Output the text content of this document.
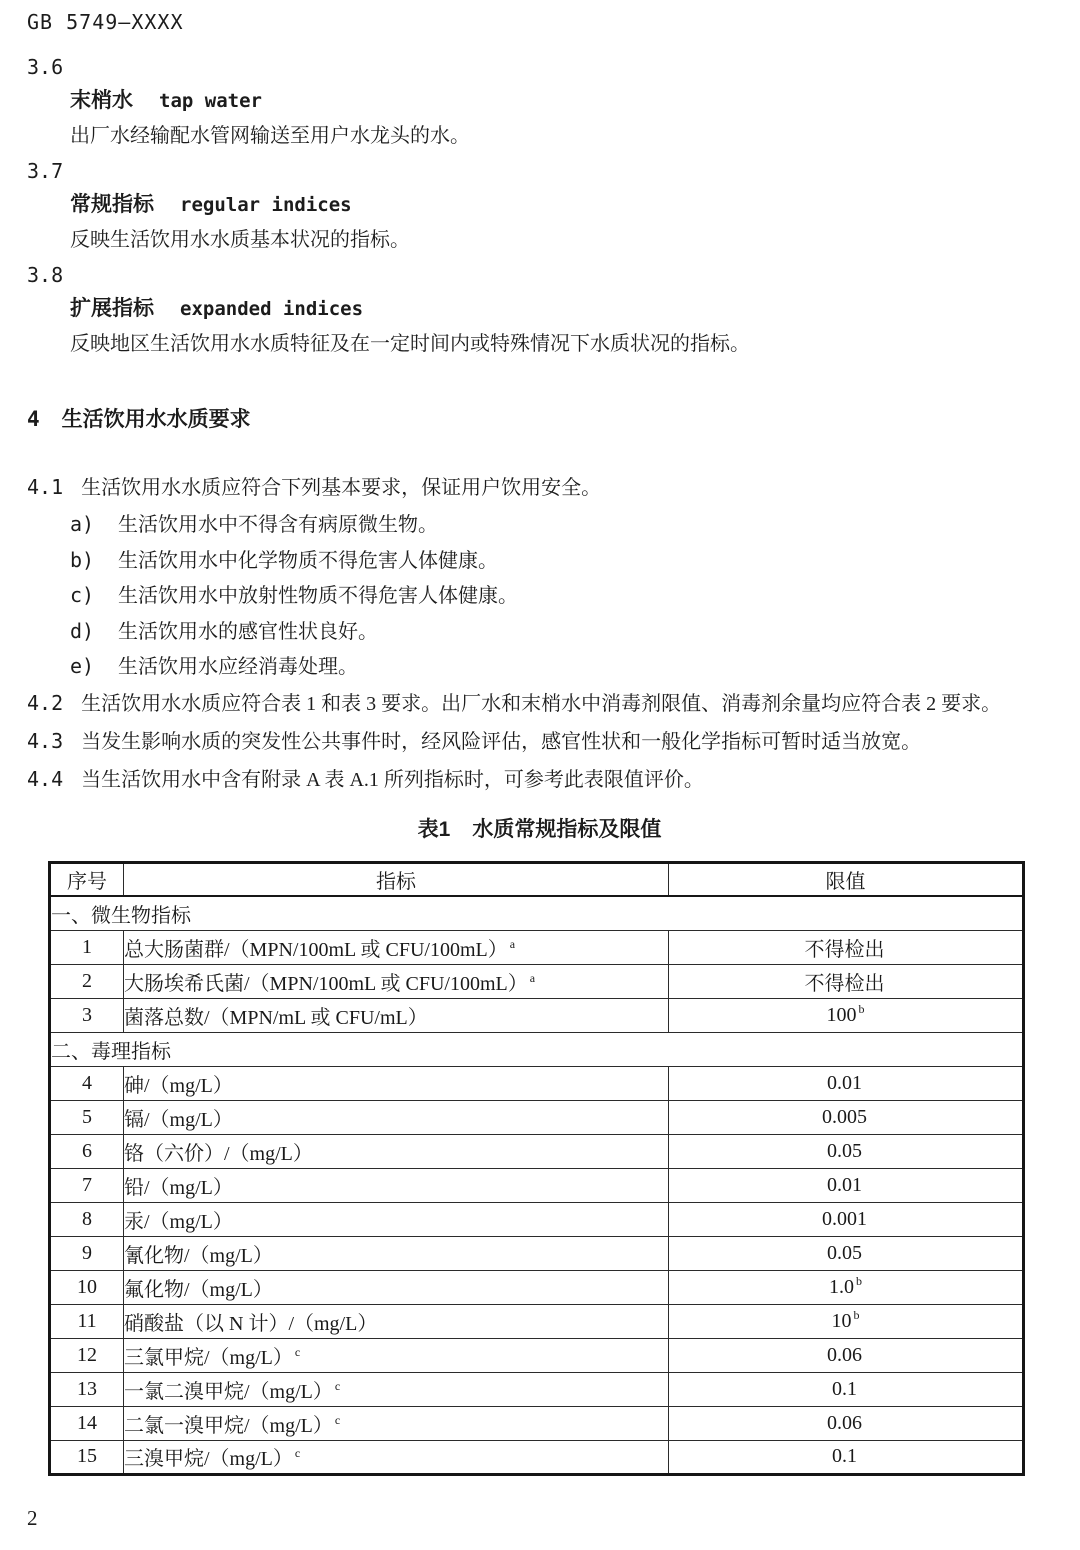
GB 5749—XXXX
3.6
末梢水 tap water
出厂水经输配水管网输送至用户水龙头的水。
3.7
常规指标 regular indices
反映生活饮用水水质基本状况的指标。
3.8
扩展指标 expanded indices
反映地区生活饮用水水质特征及在一定时间内或特殊情况下水质状况的指标。
4 生活饮用水水质要求

4.1 生活饮用水水质应符合下列基本要求，保证用户饮用安全。

a)	生活饮用水中不得含有病原微生物。
b)	生活饮用水中化学物质不得危害人体健康。
c)	生活饮用水中放射性物质不得危害人体健康。
d)	生活饮用水的感官性状良好。
e)	生活饮用水应经消毒处理。

4.2 生活饮用水水质应符合表 1 和表 3 要求。出厂水和末梢水中消毒剂限值、消毒剂余量均应符合表 2 要求。

4.3 当发生影响水质的突发性公共事件时，经风险评估，感官性状和一般化学指标可暂时适当放宽。

4.4 当生活饮用水中含有附录 A 表 A.1 所列指标时，可参考此表限值评价。

表1 水质常规指标及限值
序号	指标	限值
一、微生物指标		
1	总大肠菌群/（MPN/100mL 或 CFU/100mL） $^a$	不得检出
2	大肠埃希氏菌/（MPN/100mL 或 CFU/100mL） $^a$	不得检出
3	菌落总数/（MPN/mL 或 CFU/mL）	100 $^b$
二、毒理指标		
4	砷/（mg/L）	0.01
5	镉/（mg/L）	0.005
6	铬（六价）/（mg/L）	0.05
7	铅/（mg/L）	0.01
8	汞/（mg/L）	0.001
9	氰化物/（mg/L）	0.05
10	氟化物/（mg/L）	1.0 $^b$
11	硝酸盐（以 N 计）/（mg/L）	10 $^b$
12	三氯甲烷/（mg/L） $^c$	0.06
13	一氯二溴甲烷/（mg/L） $^c$	0.1
14	二氯一溴甲烷/（mg/L） $^c$	0.06
15	三溴甲烷/（mg/L） $^c$	0.1
2
